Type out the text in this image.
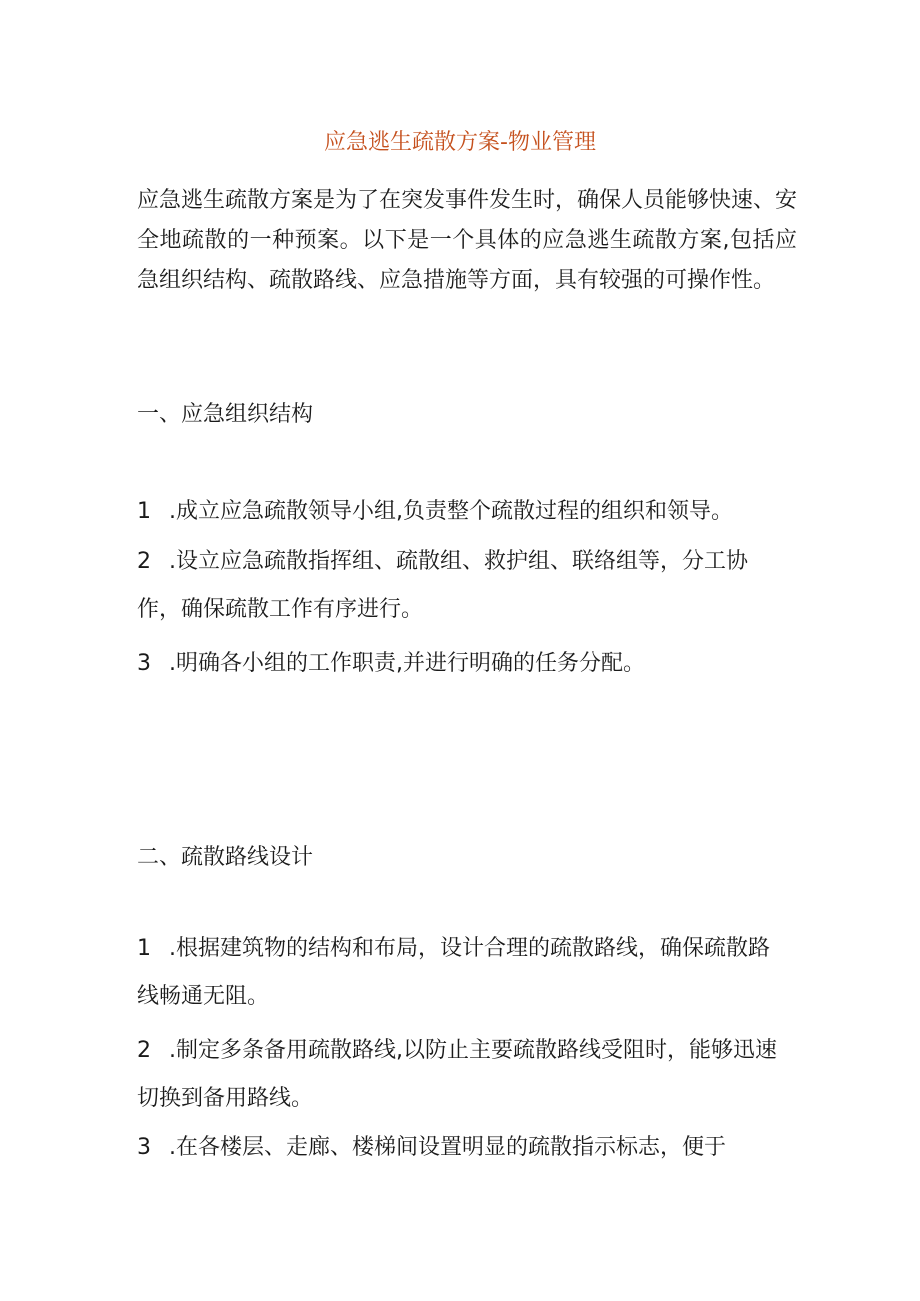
应急逃生疏散方案-物业管理

应急逃生疏散方案是为了在突发事件发生时，确保人员能够快速、安全地疏散的一种预案。以下是一个具体的应急逃生疏散方案,包括应急组织结构、疏散路线、应急措施等方面，具有较强的可操作性。

一、应急组织结构

1 .成立应急疏散领导小组,负责整个疏散过程的组织和领导。

2 .设立应急疏散指挥组、疏散组、救护组、联络组等，分工协作，确保疏散工作有序进行。

3 .明确各小组的工作职责,并进行明确的任务分配。

二、疏散路线设计

1 .根据建筑物的结构和布局，设计合理的疏散路线，确保疏散路线畅通无阻。

2 .制定多条备用疏散路线,以防止主要疏散路线受阻时，能够迅速切换到备用路线。

3 .在各楼层、走廊、楼梯间设置明显的疏散指示标志，便于
